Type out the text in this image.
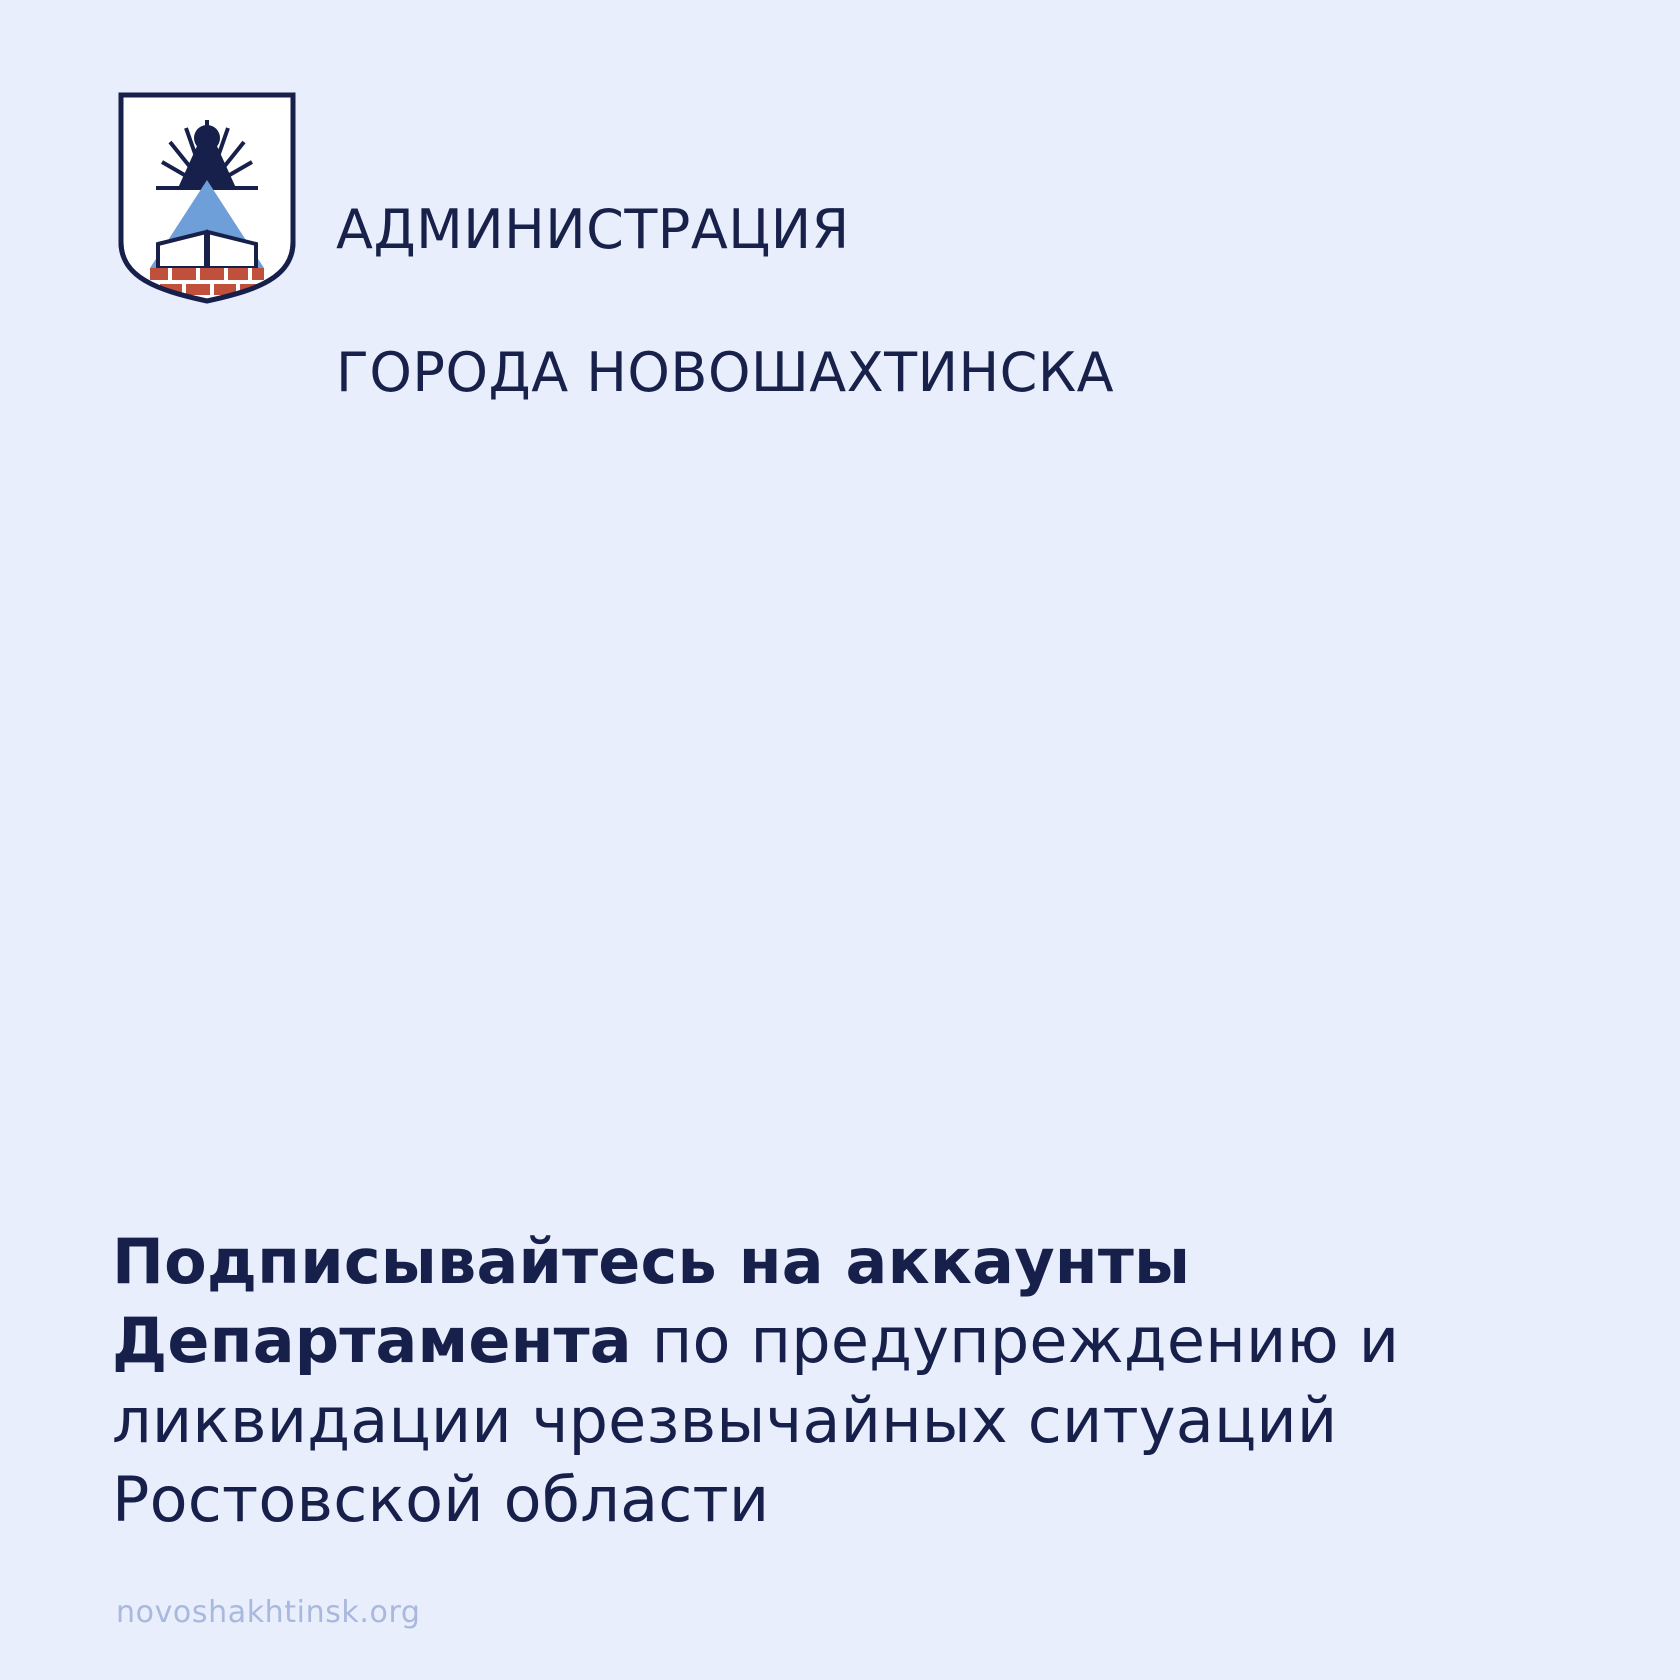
АДМИНИСТРАЦИЯ

ГОРОДА НОВОШАХТИНСКА

Подписывайтесь на аккаунты Департамента по предупреждению и ликвидации чрезвычайных ситуаций Ростовской области
novoshakhtinsk.org
